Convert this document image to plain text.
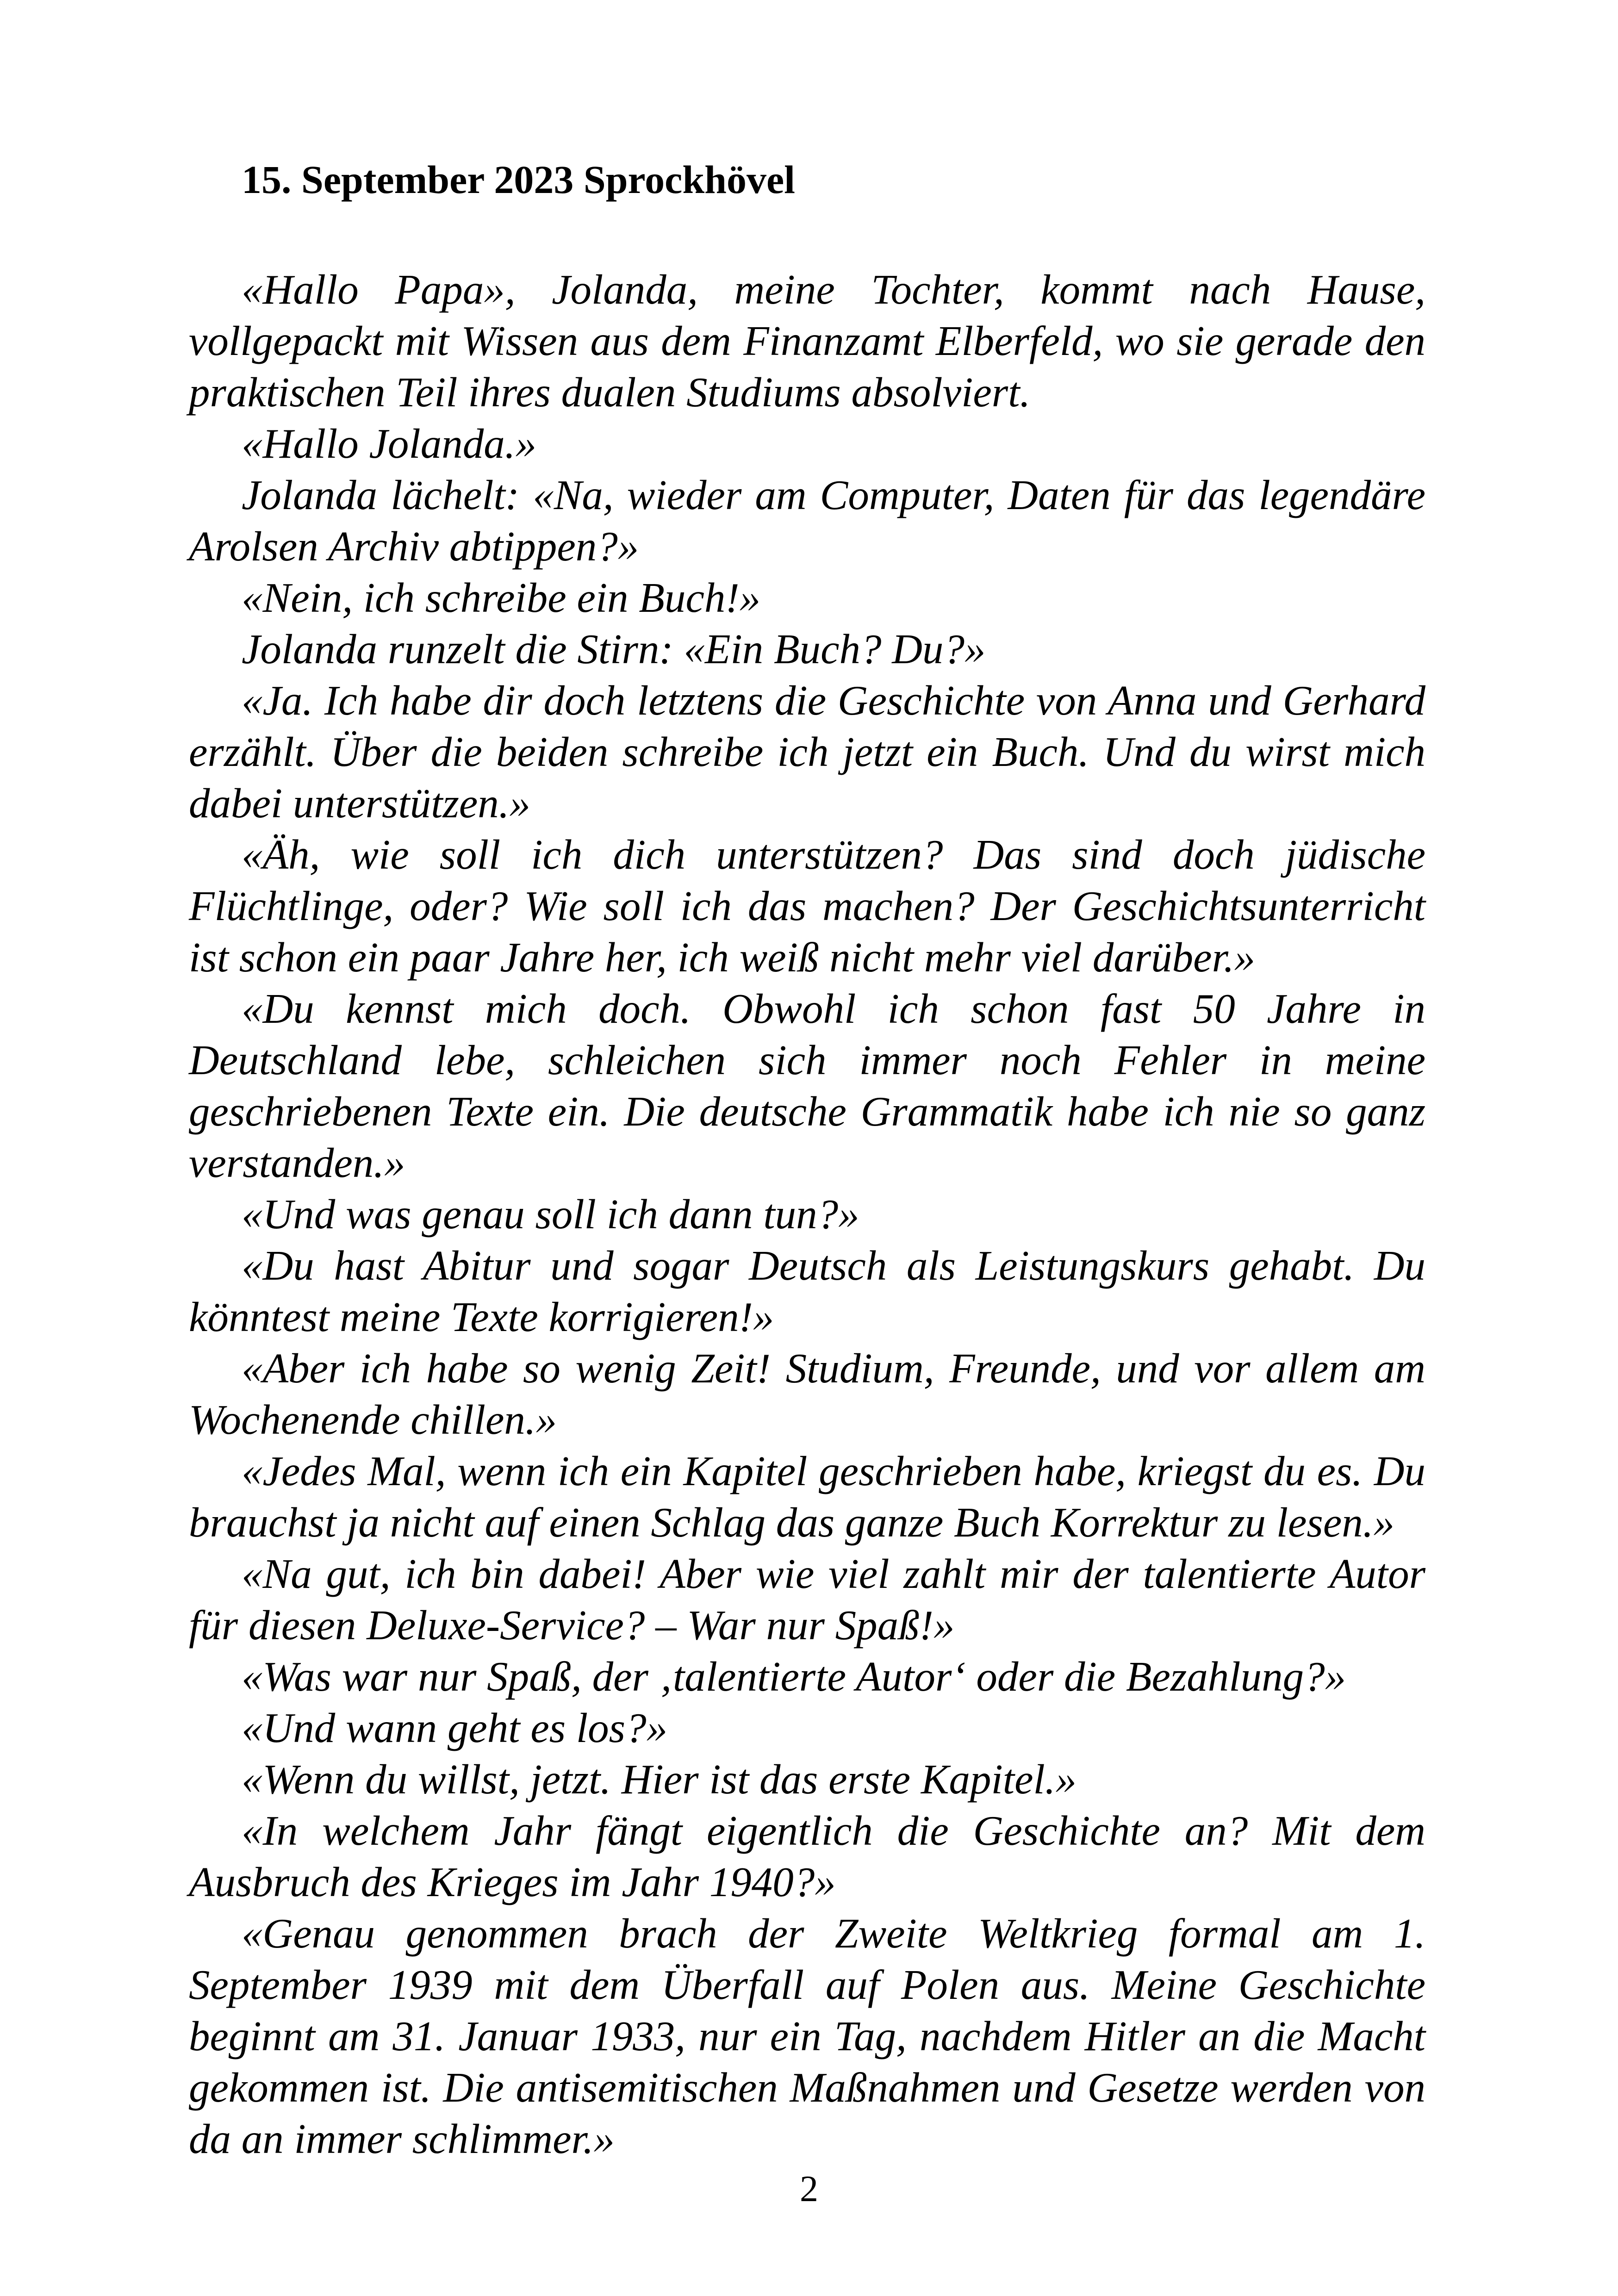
15. September 2023 Sprockhövel

«Hallo Papa», Jolanda, meine Tochter, kommt nach Hause, vollgepackt mit Wissen aus dem Finanzamt Elberfeld, wo sie gerade den praktischen Teil ihres dualen Studiums absolviert.

«Hallo Jolanda.»

Jolanda lächelt: «Na, wieder am Computer, Daten für das legendäre Arolsen Archiv abtippen?»

«Nein, ich schreibe ein Buch!»

Jolanda runzelt die Stirn: «Ein Buch? Du?»

«Ja. Ich habe dir doch letztens die Geschichte von Anna und Gerhard erzählt. Über die beiden schreibe ich jetzt ein Buch. Und du wirst mich dabei unterstützen.»

«Äh, wie soll ich dich unterstützen? Das sind doch jüdische Flüchtlinge, oder? Wie soll ich das machen? Der Geschichtsunterricht ist schon ein paar Jahre her, ich weiß nicht mehr viel darüber.»

«Du kennst mich doch. Obwohl ich schon fast 50 Jahre in Deutschland lebe, schleichen sich immer noch Fehler in meine geschriebenen Texte ein. Die deutsche Grammatik habe ich nie so ganz verstanden.»

«Und was genau soll ich dann tun?»

«Du hast Abitur und sogar Deutsch als Leistungskurs gehabt. Du könntest meine Texte korrigieren!»

«Aber ich habe so wenig Zeit! Studium, Freunde, und vor allem am Wochenende chillen.»

«Jedes Mal, wenn ich ein Kapitel geschrieben habe, kriegst du es. Du brauchst ja nicht auf einen Schlag das ganze Buch Korrektur zu lesen.»

«Na gut, ich bin dabei! Aber wie viel zahlt mir der talentierte Autor für diesen Deluxe-Service? – War nur Spaß!»

«Was war nur Spaß, der ‚talentierte Autor‘ oder die Bezahlung?»

«Und wann geht es los?»

«Wenn du willst, jetzt. Hier ist das erste Kapitel.»

«In welchem Jahr fängt eigentlich die Geschichte an? Mit dem Ausbruch des Krieges im Jahr 1940?»

«Genau genommen brach der Zweite Weltkrieg formal am 1. September 1939 mit dem Überfall auf Polen aus. Meine Geschichte beginnt am 31. Januar 1933, nur ein Tag, nachdem Hitler an die Macht gekommen ist. Die antisemitischen Maßnahmen und Gesetze werden von da an immer schlimmer.»

2
